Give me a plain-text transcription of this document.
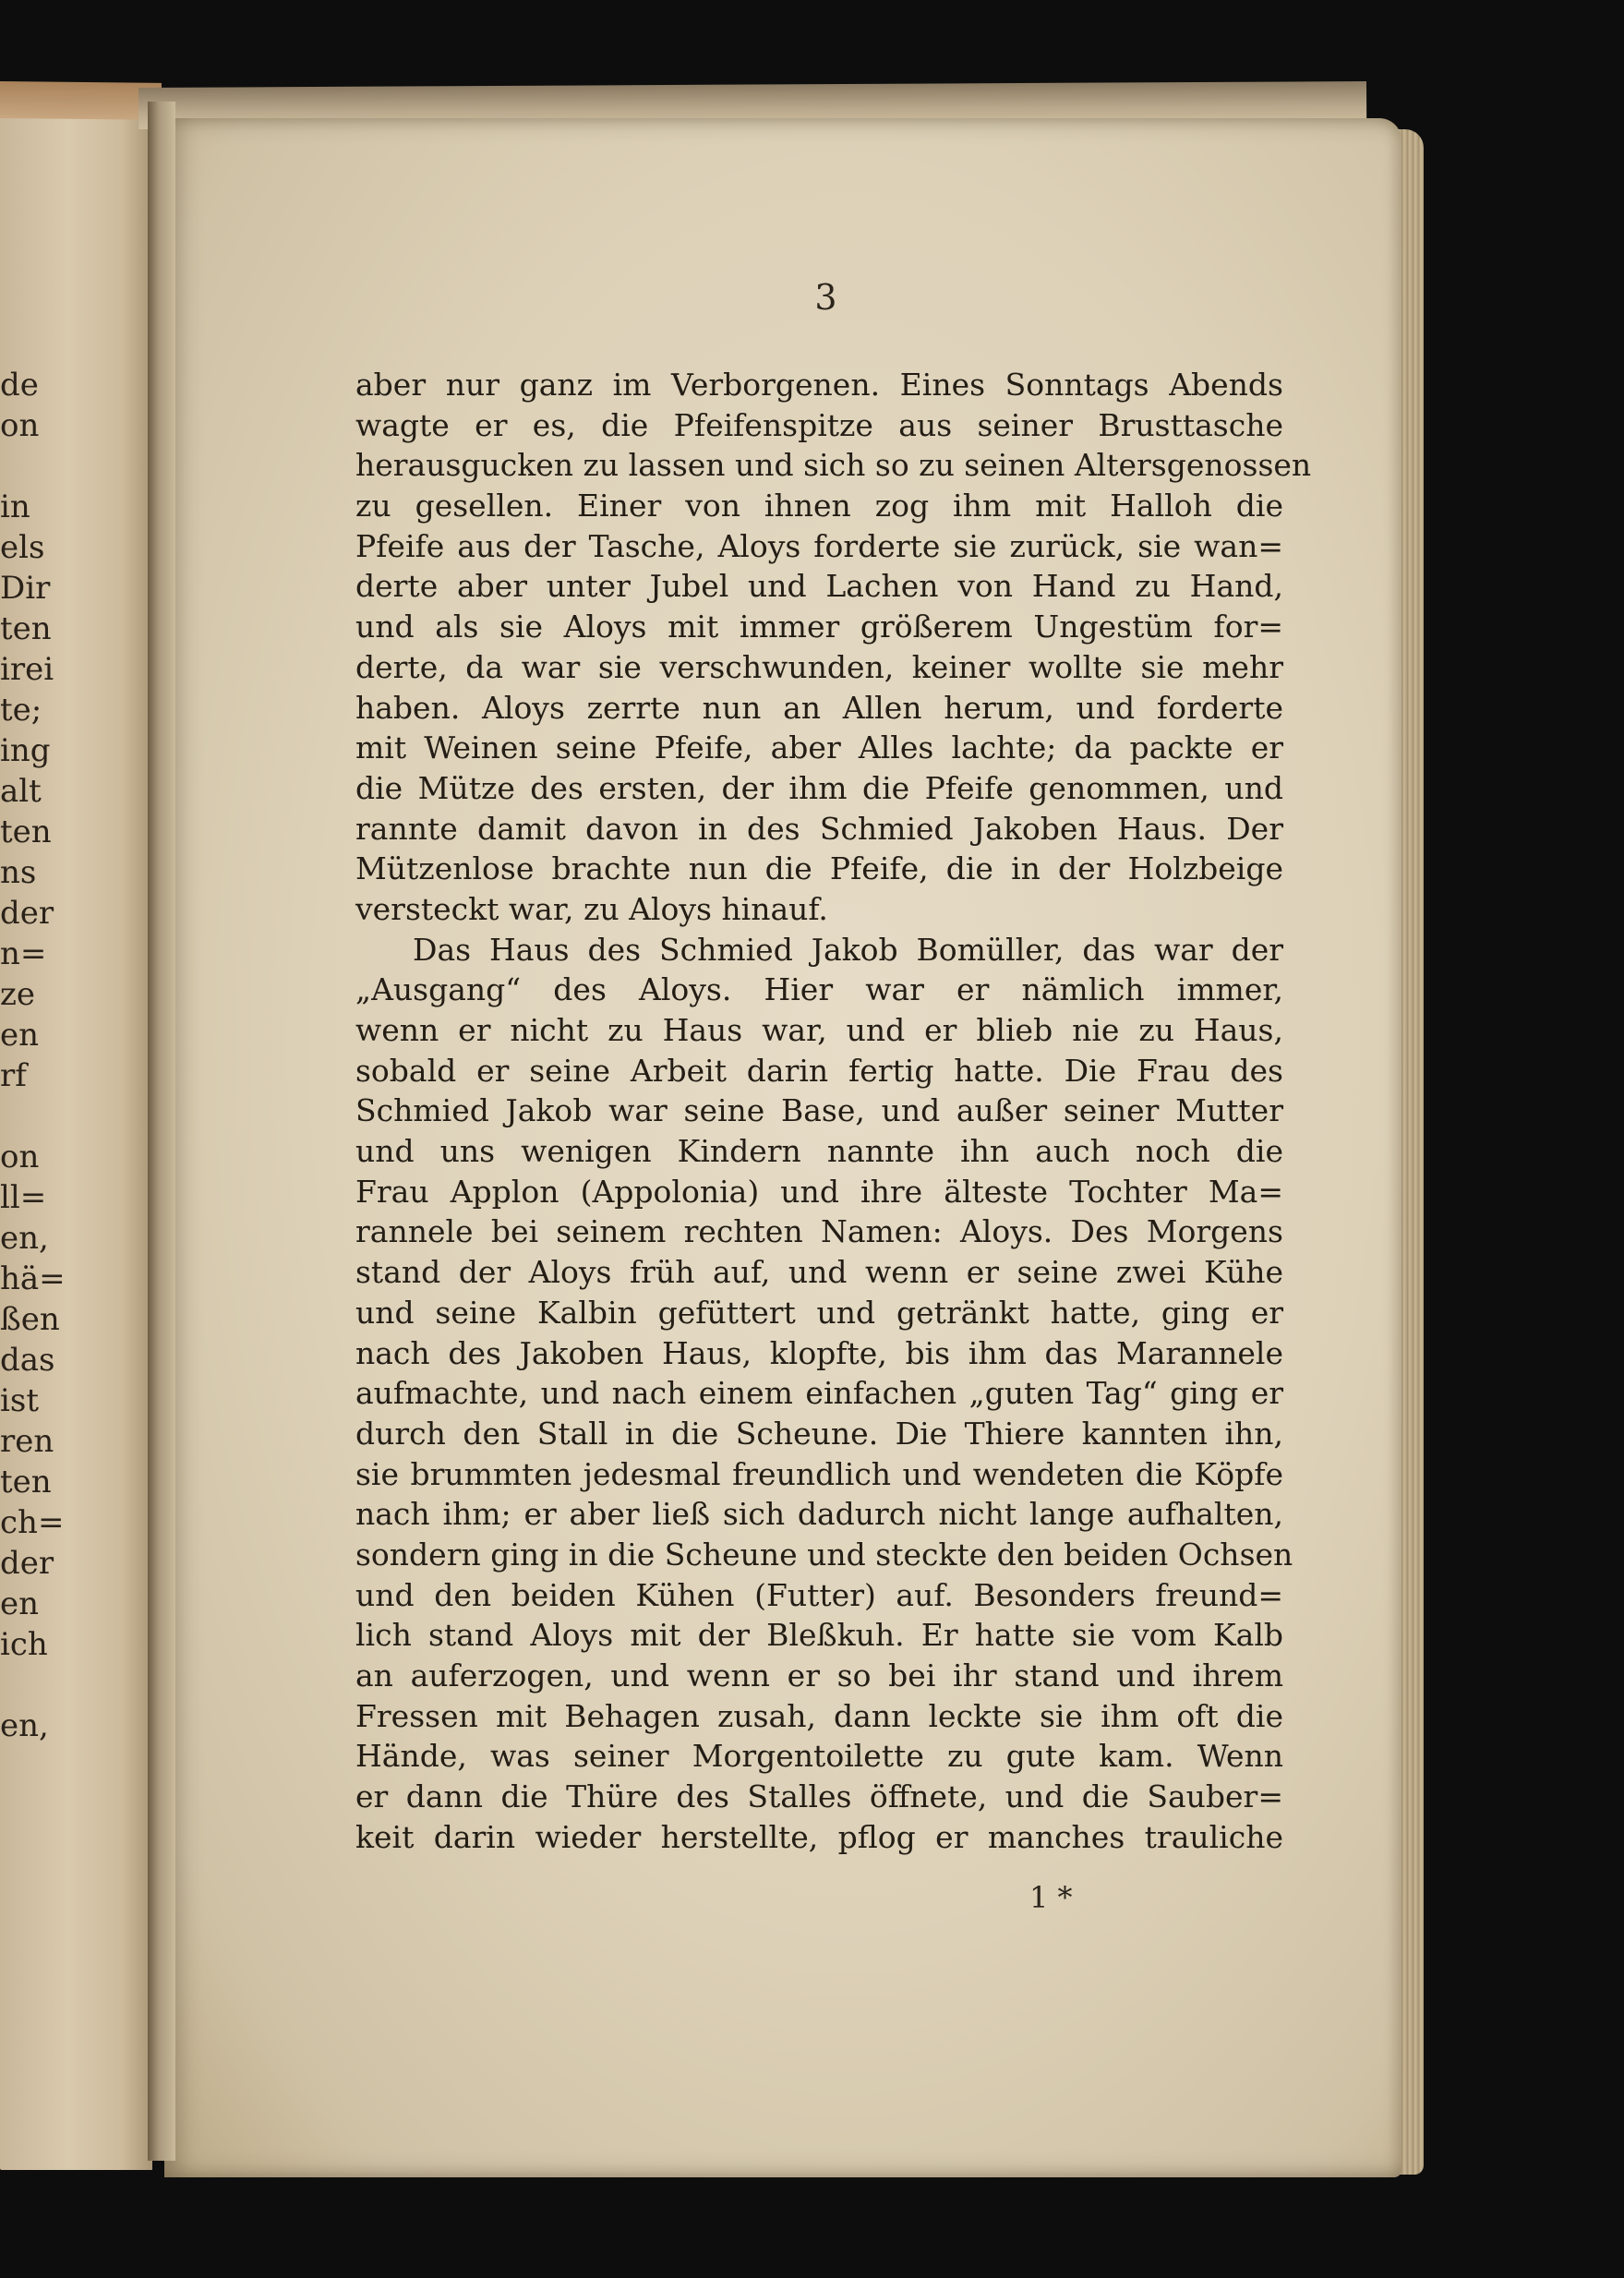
de
on
in
els
Dir
ten
irei
te;
ing
alt
ten
ns
der
n=
ze
en
rf
on
ll=
en,
hä=
ßen
das
ist
ren
ten
ch=
der
en
ich
en,
3
aber nur ganz im Verborgenen. Eines Sonntags Abends
wagte er es, die Pfeifenspitze aus seiner Brusttasche
herausgucken zu lassen und sich so zu seinen Altersgenossen
zu gesellen. Einer von ihnen zog ihm mit Halloh die
Pfeife aus der Tasche, Aloys forderte sie zurück, sie wan=
derte aber unter Jubel und Lachen von Hand zu Hand,
und als sie Aloys mit immer größerem Ungestüm for=
derte, da war sie verschwunden, keiner wollte sie mehr
haben. Aloys zerrte nun an Allen herum, und forderte
mit Weinen seine Pfeife, aber Alles lachte; da packte er
die Mütze des ersten, der ihm die Pfeife genommen, und
rannte damit davon in des Schmied Jakoben Haus. Der
Mützenlose brachte nun die Pfeife, die in der Holzbeige
versteckt war, zu Aloys hinauf.
Das Haus des Schmied Jakob Bomüller, das war der
„Ausgang“ des Aloys. Hier war er nämlich immer,
wenn er nicht zu Haus war, und er blieb nie zu Haus,
sobald er seine Arbeit darin fertig hatte. Die Frau des
Schmied Jakob war seine Base, und außer seiner Mutter
und uns wenigen Kindern nannte ihn auch noch die
Frau Applon (Appolonia) und ihre älteste Tochter Ma=
rannele bei seinem rechten Namen: Aloys. Des Morgens
stand der Aloys früh auf, und wenn er seine zwei Kühe
und seine Kalbin gefüttert und getränkt hatte, ging er
nach des Jakoben Haus, klopfte, bis ihm das Marannele
aufmachte, und nach einem einfachen „guten Tag“ ging er
durch den Stall in die Scheune. Die Thiere kannten ihn,
sie brummten jedesmal freundlich und wendeten die Köpfe
nach ihm; er aber ließ sich dadurch nicht lange aufhalten,
sondern ging in die Scheune und steckte den beiden Ochsen
und den beiden Kühen (Futter) auf. Besonders freund=
lich stand Aloys mit der Bleßkuh. Er hatte sie vom Kalb
an auferzogen, und wenn er so bei ihr stand und ihrem
Fressen mit Behagen zusah, dann leckte sie ihm oft die
Hände, was seiner Morgentoilette zu gute kam. Wenn
er dann die Thüre des Stalles öffnete, und die Sauber=
keit darin wieder herstellte, pflog er manches trauliche
1 *
